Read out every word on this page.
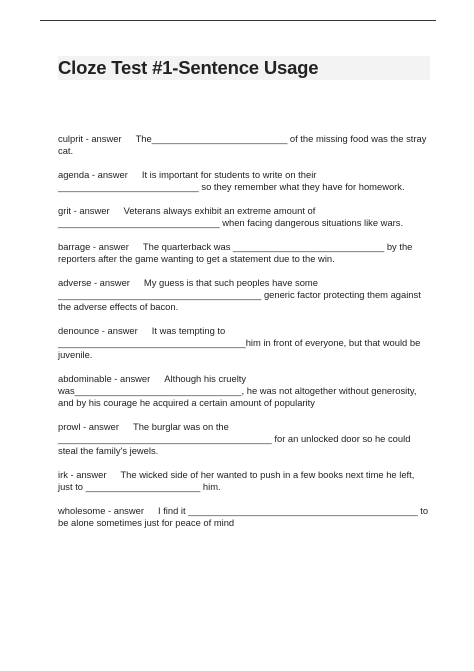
Cloze Test #1-Sentence Usage
culprit - answer The__________________________ of the missing food was the stray cat.
agenda - answer It is important for students to write on their ___________________________ so they remember what they have for homework.
grit - answer Veterans always exhibit an extreme amount of _______________________________ when facing dangerous situations like wars.
barrage - answer The quarterback was _____________________________ by the reporters after the game wanting to get a statement due to the win.
adverse - answer My guess is that such peoples have some _______________________________________ generic factor protecting them against the adverse effects of bacon.
denounce - answer It was tempting to ____________________________________him in front of everyone, but that would be juvenile.
abdominable - answer Although his cruelty was________________________________, he was not altogether without generosity, and by his courage he acquired a certain amount of popularity
prowl - answer The burglar was on the _________________________________________ for an unlocked door so he could steal the family's jewels.
irk - answer The wicked side of her wanted to push in a few books next time he left, just to ______________________ him.
wholesome - answer I find it ____________________________________________ to be alone sometimes just for peace of mind
